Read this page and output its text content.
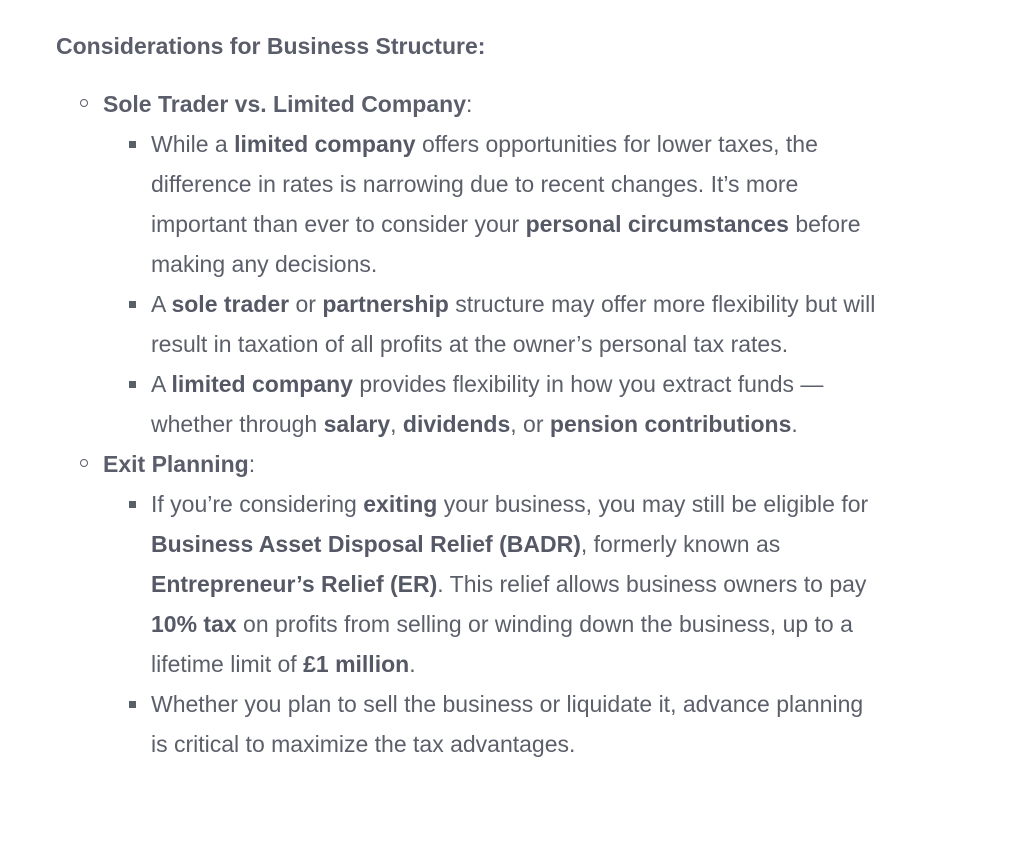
Considerations for Business Structure:
Sole Trader vs. Limited Company:
While a limited company offers opportunities for lower taxes, the difference in rates is narrowing due to recent changes. It’s more important than ever to consider your personal circumstances before making any decisions.
A sole trader or partnership structure may offer more flexibility but will result in taxation of all profits at the owner’s personal tax rates.
A limited company provides flexibility in how you extract funds —whether through salary, dividends, or pension contributions.
Exit Planning:
If you’re considering exiting your business, you may still be eligible for Business Asset Disposal Relief (BADR), formerly known as Entrepreneur’s Relief (ER). This relief allows business owners to pay 10% tax on profits from selling or winding down the business, up to a lifetime limit of £1 million.
Whether you plan to sell the business or liquidate it, advance planning is critical to maximize the tax advantages.
